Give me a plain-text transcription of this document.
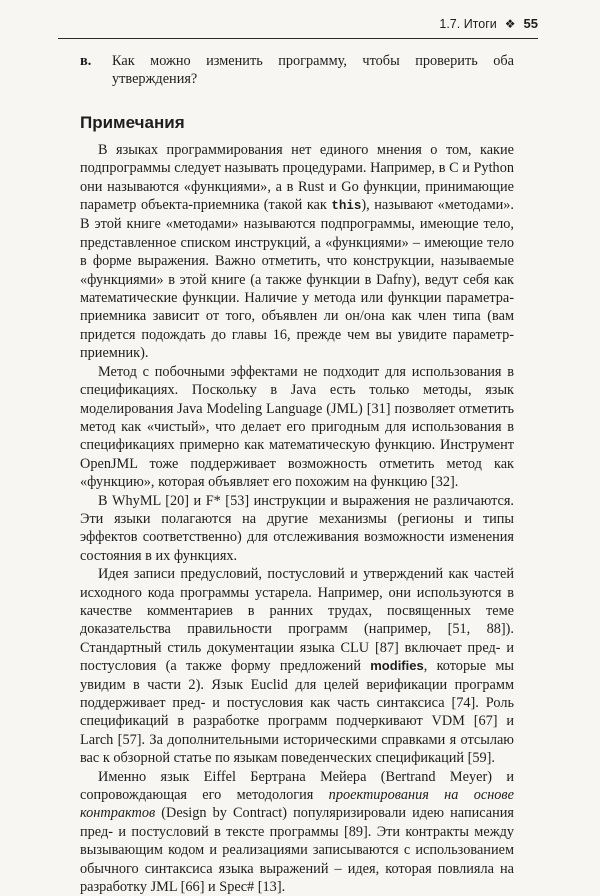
1.7. Итоги ❖ 55
в. Как можно изменить программу, чтобы проверить оба утверждения?
Примечания

В языках программирования нет единого мнения о том, какие подпрограммы следует называть процедурами. Например, в C и Python они называются «функциями», а в Rust и Go функции, принимающие параметр объекта-приемника (такой как this), называют «методами». В этой книге «методами» называются подпрограммы, имеющие тело, представленное списком инструкций, а «функциями» – имеющие тело в форме выражения. Важно отметить, что конструкции, называемые «функциями» в этой книге (а также функции в Dafny), ведут себя как математические функции. Наличие у метода или функции параметра-приемника зависит от того, объявлен ли он/она как член типа (вам придется подождать до главы 16, прежде чем вы увидите параметр-приемник).

Метод с побочными эффектами не подходит для использования в спецификациях. Поскольку в Java есть только методы, язык моделирования Java Modeling Language (JML) [31] позволяет отметить метод как «чистый», что делает его пригодным для использования в спецификациях примерно как математическую функцию. Инструмент OpenJML тоже поддерживает возможность отметить метод как «функцию», которая объявляет его похожим на функцию [32].

В WhyML [20] и F* [53] инструкции и выражения не различаются. Эти языки полагаются на другие механизмы (регионы и типы эффектов соответственно) для отслеживания возможности изменения состояния в их функциях.

Идея записи предусловий, постусловий и утверждений как частей исходного кода программы устарела. Например, они используются в качестве комментариев в ранних трудах, посвященных теме доказательства правильности программ (например, [51, 88]). Стандартный стиль документации языка CLU [87] включает пред- и постусловия (а также форму предложений modifies, которые мы увидим в части 2). Язык Euclid для целей верификации программ поддерживает пред- и постусловия как часть синтаксиса [74]. Роль спецификаций в разработке программ подчеркивают VDM [67] и Larch [57]. За дополнительными историческими справками я отсылаю вас к обзорной статье по языкам поведенческих спецификаций [59].

Именно язык Eiffel Бертрана Мейера (Bertrand Meyer) и сопровождающая его методология проектирования на основе контрактов (Design by Contract) популяризировали идею написания пред- и постусловий в тексте программы [89]. Эти контракты между вызывающим кодом и реализациями записываются с использованием обычного синтаксиса языка выражений – идея, которая повлияла на разработку JML [66] и Spec# [13].
